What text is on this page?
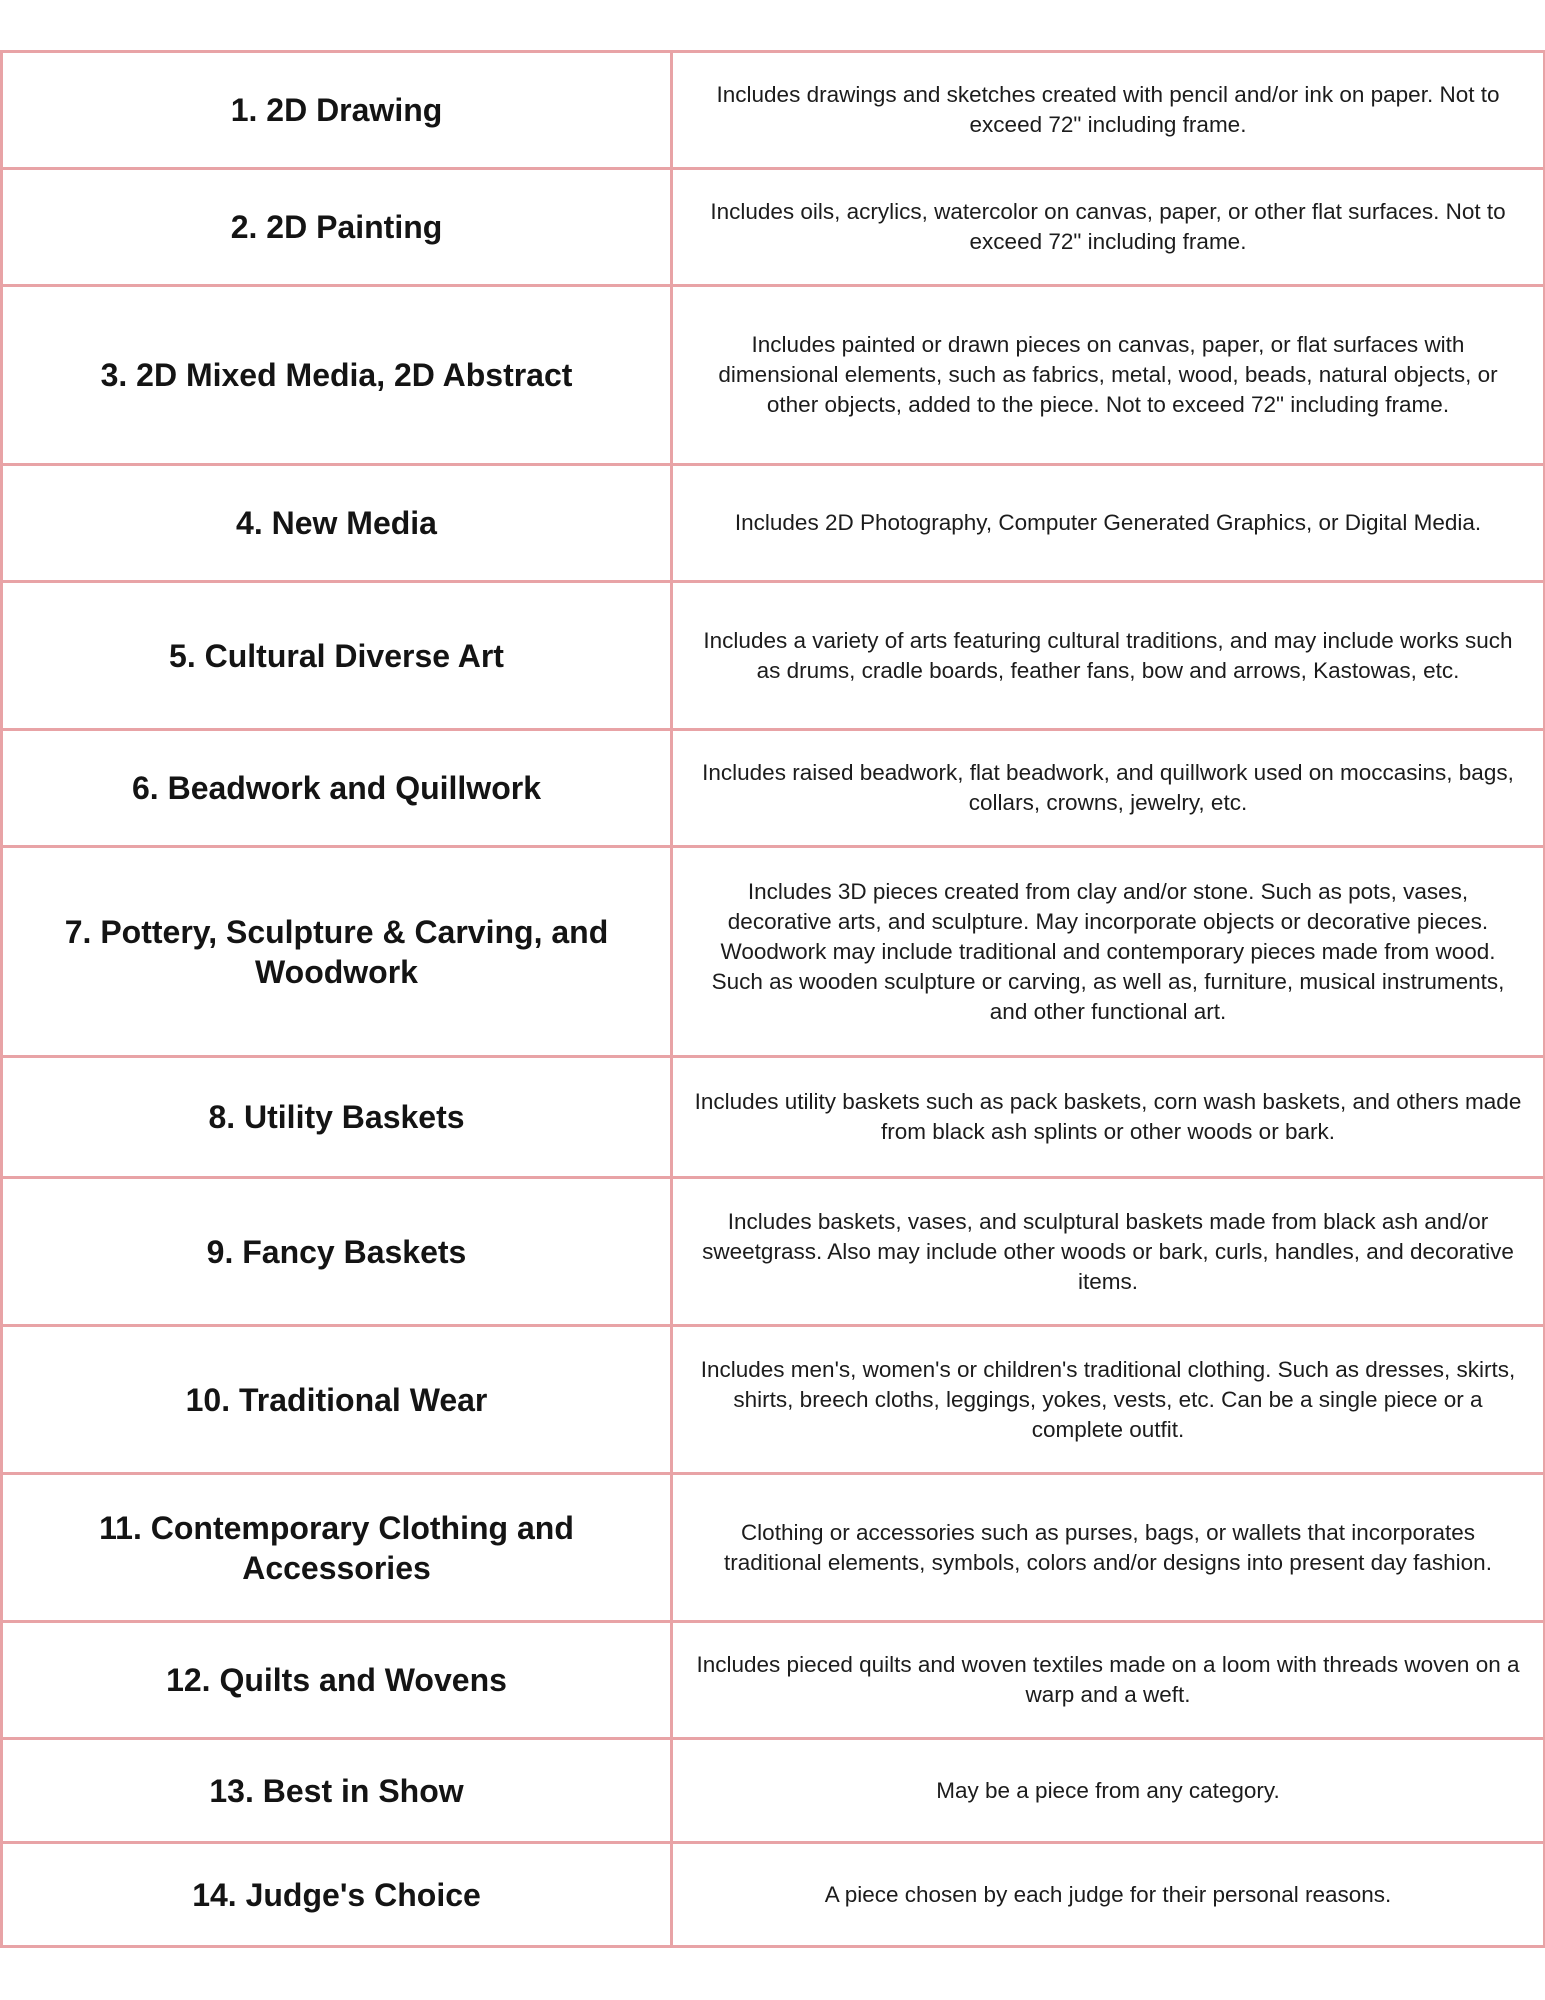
1. 2D Drawing	Includes drawings and sketches created with pencil and/or ink on paper. Not to exceed 72" including frame.
2. 2D Painting	Includes oils, acrylics, watercolor on canvas, paper, or other flat surfaces. Not to exceed 72" including frame.
3. 2D Mixed Media, 2D Abstract	Includes painted or drawn pieces on canvas, paper, or flat surfaces with dimensional elements, such as fabrics, metal, wood, beads, natural objects, or other objects, added to the piece. Not to exceed 72" including frame.
4. New Media	Includes 2D Photography, Computer Generated Graphics, or Digital Media.
5. Cultural Diverse Art	Includes a variety of arts featuring cultural traditions, and may include works such as drums, cradle boards, feather fans, bow and arrows, Kastowas, etc.
6. Beadwork and Quillwork	Includes raised beadwork, flat beadwork, and quillwork used on moccasins, bags, collars, crowns, jewelry, etc.
7. Pottery, Sculpture & Carving, and Woodwork	Includes 3D pieces created from clay and/or stone. Such as pots, vases, decorative arts, and sculpture. May incorporate objects or decorative pieces. Woodwork may include traditional and contemporary pieces made from wood. Such as wooden sculpture or carving, as well as, furniture, musical instruments, and other functional art.
8. Utility Baskets	Includes utility baskets such as pack baskets, corn wash baskets, and others made from black ash splints or other woods or bark.
9. Fancy Baskets	Includes baskets, vases, and sculptural baskets made from black ash and/or sweetgrass. Also may include other woods or bark, curls, handles, and decorative items.
10. Traditional Wear	Includes men's, women's or children's traditional clothing. Such as dresses, skirts, shirts, breech cloths, leggings, yokes, vests, etc. Can be a single piece or a complete outfit.
11. Contemporary Clothing and Accessories	Clothing or accessories such as purses, bags, or wallets that incorporates traditional elements, symbols, colors and/or designs into present day fashion.
12. Quilts and Wovens	Includes pieced quilts and woven textiles made on a loom with threads woven on a warp and a weft.
13. Best in Show	May be a piece from any category.
14. Judge's Choice	A piece chosen by each judge for their personal reasons.
